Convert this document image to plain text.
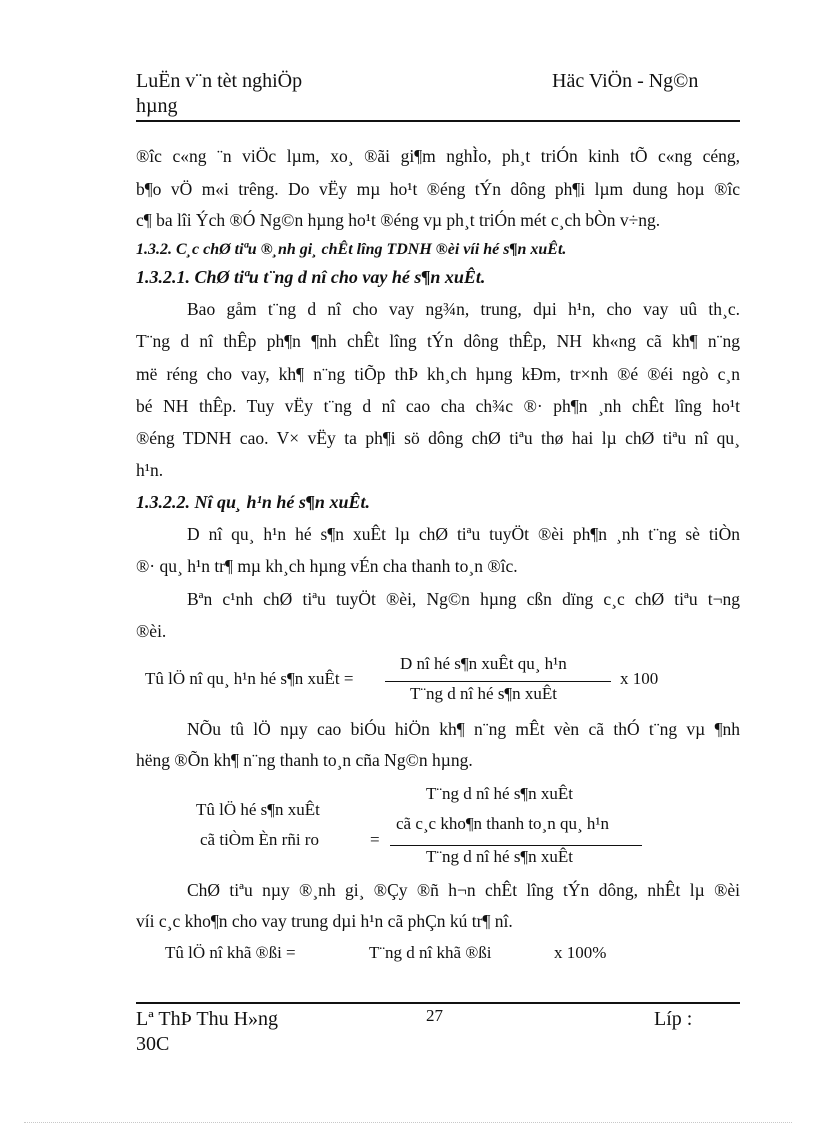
LuËn v¨n tèt nghiÖp	Häc ViÖn - Ng©n
hµng
®îc c«ng ¨n viÖc lµm, xo¸ ®ãi gi¶m nghÌo, ph¸t triÓn kinh tÕ c«ng céng,
b¶o vÖ m«i trêng. Do vËy mµ ho¹t ®éng tÝn dông ph¶i lµm dung hoµ ®îc
c¶ ba lîi Ých ®Ó Ng©n hµng ho¹t ®éng vµ ph¸t triÓn mét c¸ch bÒn v÷ng.
1.3.2. C¸c chØ tiªu ®¸nh gi¸ chÊt lîng TDNH ®èi víi hé s¶n xuÊt.
1.3.2.1. ChØ tiªu t¨ng d nî cho vay hé s¶n xuÊt.
Bao gåm t¨ng d nî cho vay ng¾n, trung, dµi h¹n, cho vay uû th¸c.
T¨ng d nî thÊp ph¶n ¶nh chÊt lîng tÝn dông thÊp, NH kh«ng cã kh¶ n¨ng
më réng cho vay, kh¶ n¨ng tiÕp thÞ kh¸ch hµng kÐm, tr×nh ®é ®éi ngò c¸n
bé NH thÊp. Tuy vËy t¨ng d nî cao cha ch¾c ®· ph¶n ¸nh chÊt lîng ho¹t
®éng TDNH cao. V× vËy ta ph¶i sö dông chØ tiªu thø hai lµ chØ tiªu nî qu¸
h¹n.
1.3.2.2. Nî qu¸ h¹n hé s¶n xuÊt.
D nî qu¸ h¹n hé s¶n xuÊt lµ chØ tiªu tuyÖt ®èi ph¶n ¸nh t¨ng sè tiÒn
®· qu¸ h¹n tr¶ mµ kh¸ch hµng vÉn cha thanh to¸n ®îc.
Bªn c¹nh chØ tiªu tuyÖt ®èi, Ng©n hµng cßn dïng c¸c chØ tiªu t¬ng
®èi.
Tû lÖ nî qu¸ h¹n hé s¶n xuÊt =
D nî hé s¶n xuÊt qu¸ h¹n
T¨ng d nî hé s¶n xuÊt
x 100
NÕu tû lÖ nµy cao biÓu hiÖn kh¶ n¨ng mÊt vèn cã thÓ t¨ng vµ ¶nh
hëng ®Õn kh¶ n¨ng thanh to¸n cña Ng©n hµng.
Tû lÖ hé s¶n xuÊt
cã tiÒm Èn rñi ro	=
T¨ng d nî hé s¶n xuÊt
cã c¸c kho¶n thanh to¸n qu¸ h¹n
T¨ng d nî hé s¶n xuÊt
ChØ tiªu nµy ®¸nh gi¸ ®Çy ®ñ h¬n chÊt lîng tÝn dông, nhÊt lµ ®èi
víi c¸c kho¶n cho vay trung dµi h¹n cã phÇn kú tr¶ nî.
Tû lÖ nî khã ®ßi =	T¨ng d nî khã ®ßi	x 100%
Lª ThÞ Thu H»ng	27	Líp :
30C
